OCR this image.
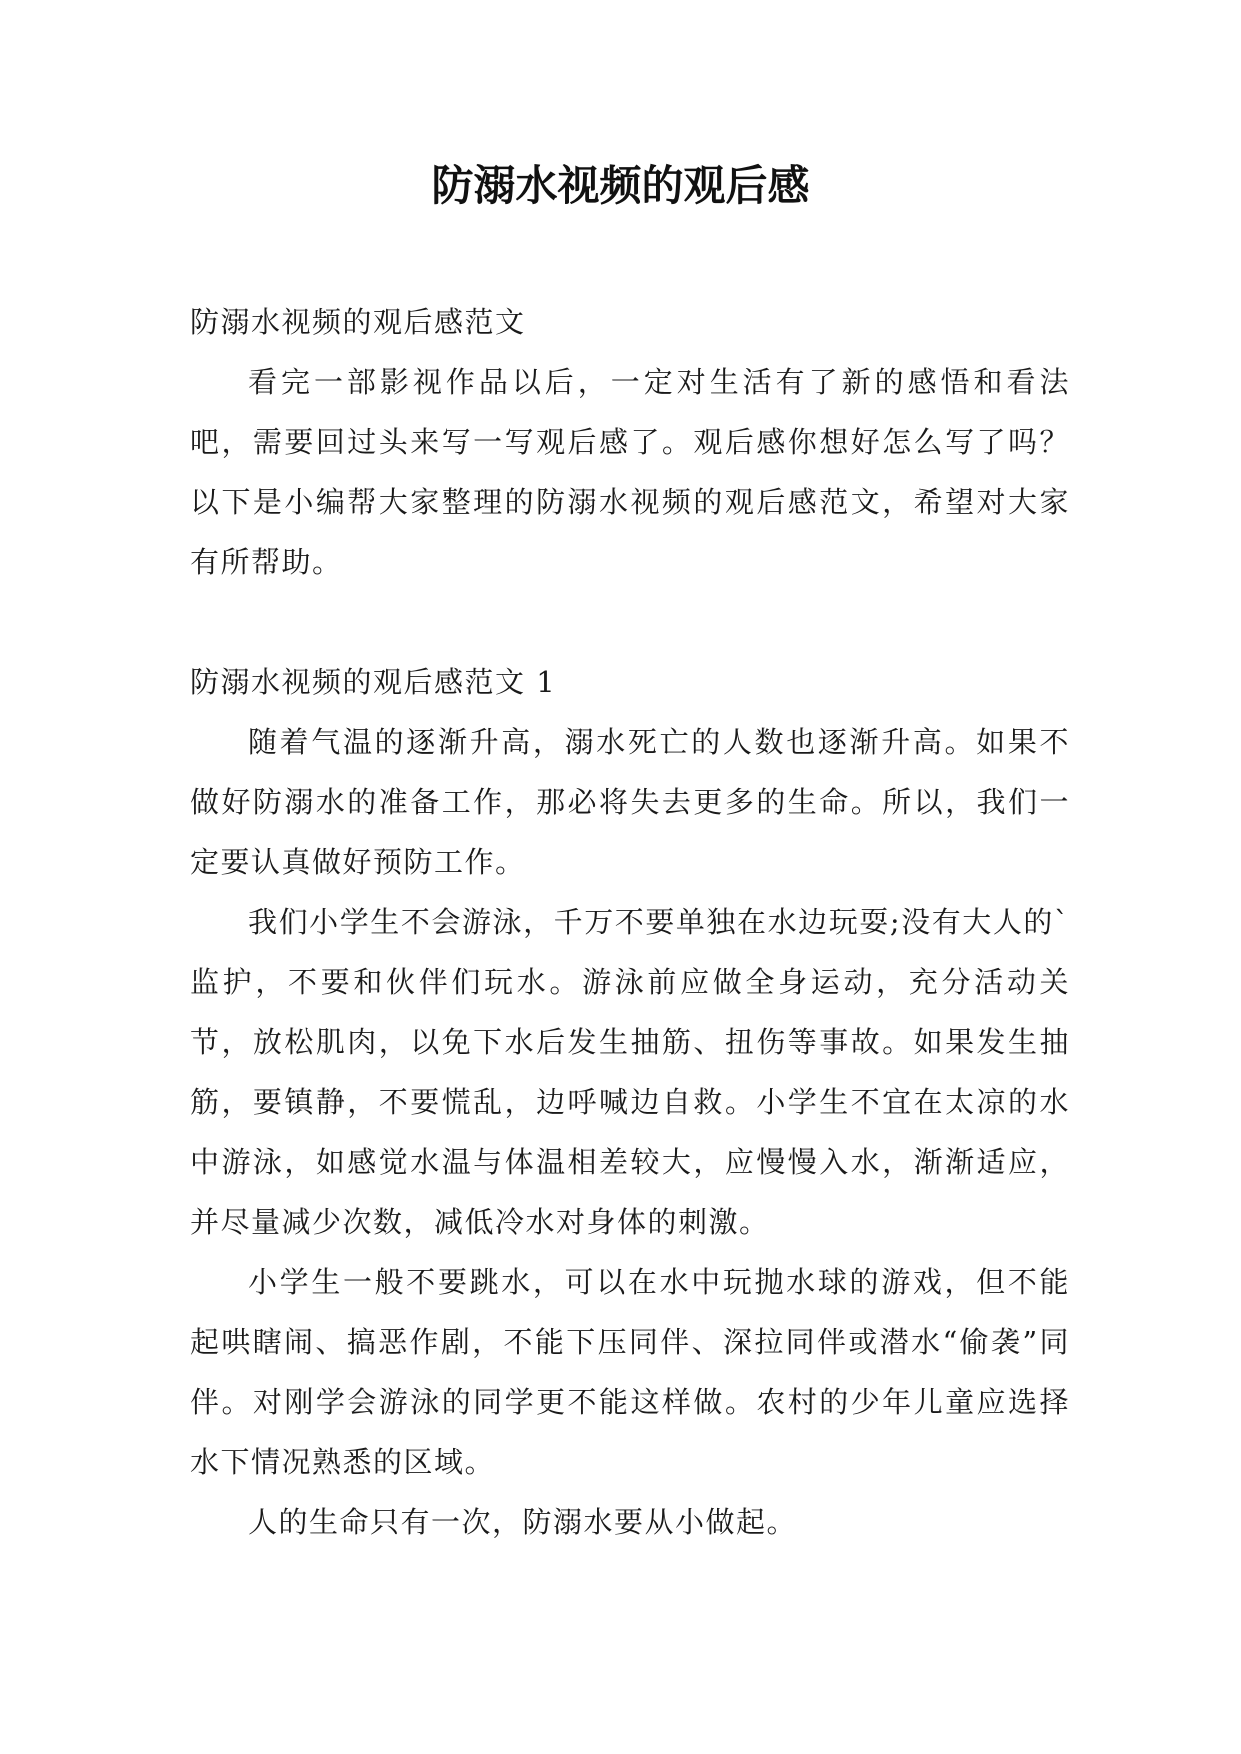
防溺水视频的观后感

防溺水视频的观后感范文

看完一部影视作品以后，一定对生活有了新的感悟和看法吧，需要回过头来写一写观后感了。观后感你想好怎么写了吗？以下是小编帮大家整理的防溺水视频的观后感范文，希望对大家有所帮助。

防溺水视频的观后感范文 1

随着气温的逐渐升高，溺水死亡的人数也逐渐升高。如果不做好防溺水的准备工作，那必将失去更多的生命。所以，我们一定要认真做好预防工作。

我们小学生不会游泳，千万不要单独在水边玩耍;没有大人的`监护，不要和伙伴们玩水。游泳前应做全身运动，充分活动关节，放松肌肉，以免下水后发生抽筋、扭伤等事故。如果发生抽筋，要镇静，不要慌乱，边呼喊边自救。小学生不宜在太凉的水中游泳，如感觉水温与体温相差较大，应慢慢入水，渐渐适应，并尽量减少次数，减低冷水对身体的刺激。

小学生一般不要跳水，可以在水中玩抛水球的游戏，但不能起哄瞎闹、搞恶作剧，不能下压同伴、深拉同伴或潜水“偷袭”同伴。对刚学会游泳的同学更不能这样做。农村的少年儿童应选择水下情况熟悉的区域。

人的生命只有一次，防溺水要从小做起。
